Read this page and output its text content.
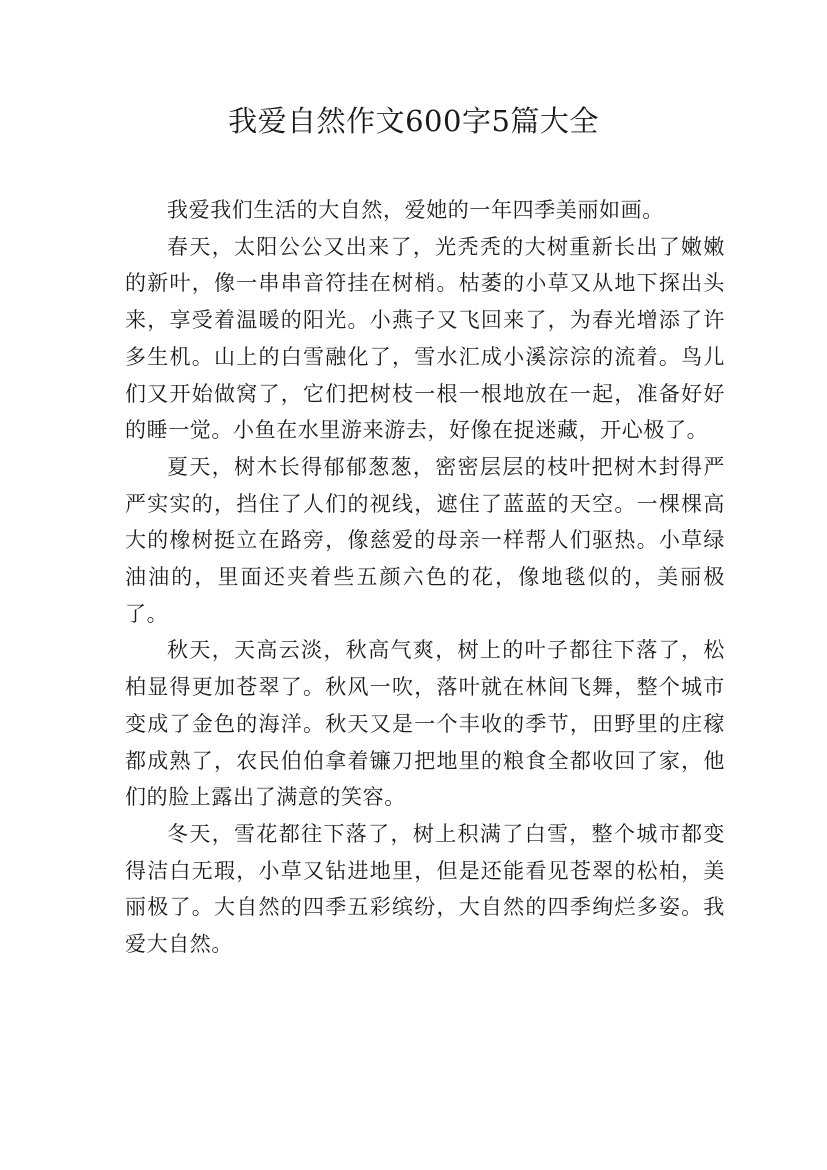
我爱自然作文600字5篇大全

我爱我们生活的大自然，爱她的一年四季美丽如画。

春天，太阳公公又出来了，光秃秃的大树重新长出了嫩嫩的新叶，像一串串音符挂在树梢。枯萎的小草又从地下探出头来，享受着温暖的阳光。小燕子又飞回来了，为春光增添了许多生机。山上的白雪融化了，雪水汇成小溪淙淙的流着。鸟儿们又开始做窝了，它们把树枝一根一根地放在一起，准备好好的睡一觉。小鱼在水里游来游去，好像在捉迷藏，开心极了。

夏天，树木长得郁郁葱葱，密密层层的枝叶把树木封得严严实实的，挡住了人们的视线，遮住了蓝蓝的天空。一棵棵高大的橡树挺立在路旁，像慈爱的母亲一样帮人们驱热。小草绿油油的，里面还夹着些五颜六色的花，像地毯似的，美丽极了。

秋天，天高云淡，秋高气爽，树上的叶子都往下落了，松柏显得更加苍翠了。秋风一吹，落叶就在林间飞舞，整个城市变成了金色的海洋。秋天又是一个丰收的季节，田野里的庄稼都成熟了，农民伯伯拿着镰刀把地里的粮食全都收回了家，他们的脸上露出了满意的笑容。

冬天，雪花都往下落了，树上积满了白雪，整个城市都变得洁白无瑕，小草又钻进地里，但是还能看见苍翠的松柏，美丽极了。大自然的四季五彩缤纷，大自然的四季绚烂多姿。我爱大自然。
